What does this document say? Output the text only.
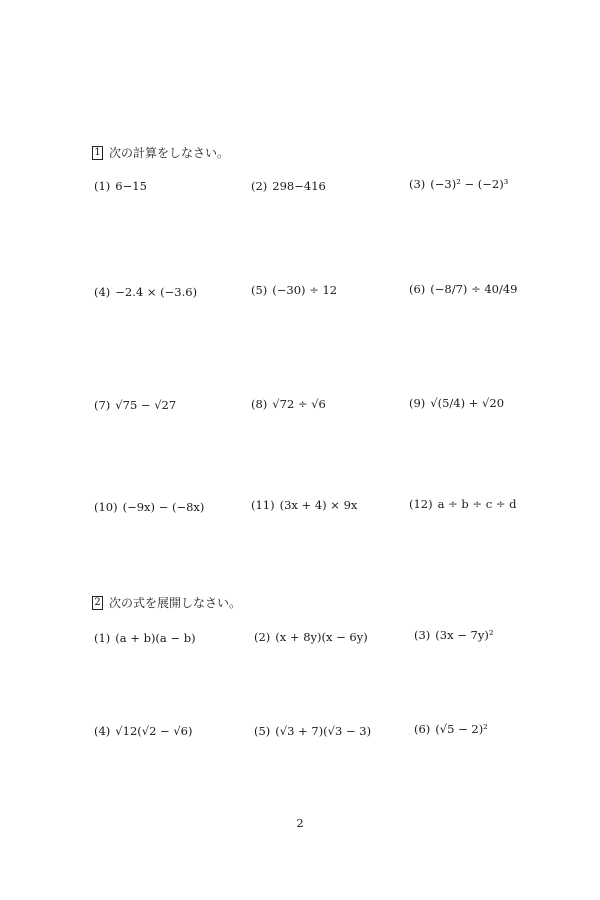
1 次の計算をしなさい。
(1) 6−15	(2) 298−416	(3) (−3)² − (−2)³
(4) −2.4 × (−3.6)	(5) (−30) ÷ 12	(6) (−8/7) ÷ 40/49
(7) √75 − √27	(8) √72 ÷ √6	(9) √(5/4) + √20
(10) (−9x) − (−8x)	(11) (3x + 4) × 9x	(12) a ÷ b ÷ c ÷ d
2 次の式を展開しなさい。
(1) (a + b)(a − b)	(2) (x + 8y)(x − 6y)	(3) (3x − 7y)²
(4) √12(√2 − √6)	(5) (√3 + 7)(√3 − 3)	(6) (√5 − 2)²
2
